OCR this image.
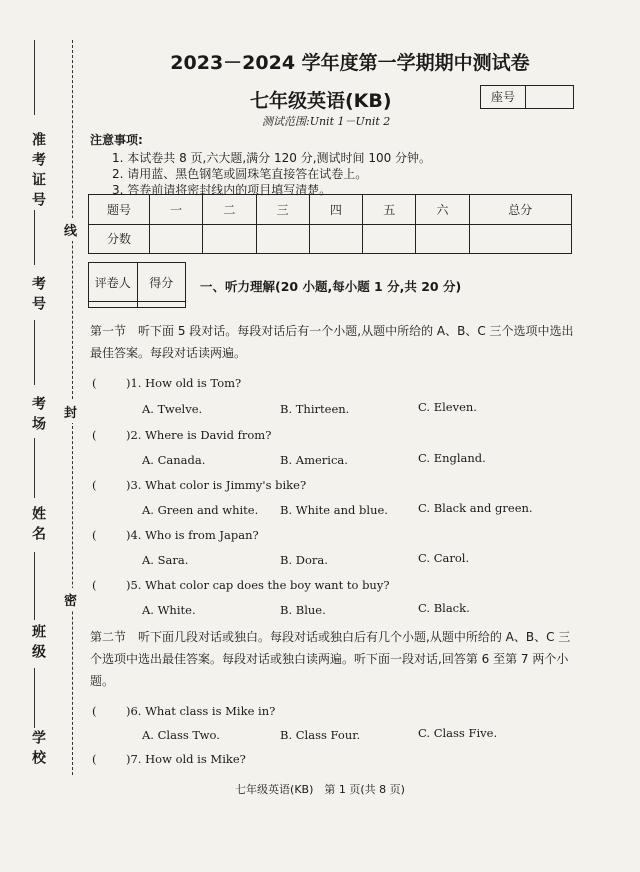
准考证号
考号
考场
姓名
班级
学校
线
封
密
2023－2024 学年度第一学期期中测试卷
七年级英语(KB)	座号
测试范围:Unit 1－Unit 2
注意事项:
1. 本试卷共 8 页,六大题,满分 120 分,测试时间 100 分钟。
2. 请用蓝、黑色钢笔或圆珠笔直接答在试卷上。
3. 答卷前请将密封线内的项目填写清楚。
题号	一	二	三	四	五	六	总分
分数							
评卷人	得分
	一、听力理解(20 小题,每小题 1 分,共 20 分)
第一节　听下面 5 段对话。每段对话后有一个小题,从题中所给的 A、B、C 三个选项中选出最佳答案。每段对话读两遍。
(	)1. How old is Tom?
A. Twelve.	B. Thirteen.	C. Eleven.
(	)2. Where is David from?
A. Canada.	B. America.	C. England.
(	)3. What color is Jimmy's bike?
A. Green and white. B. White and blue.	C. Black and green.
(	)4. Who is from Japan?
A. Sara.	B. Dora.	C. Carol.
(	)5. What color cap does the boy want to buy?
A. White.	B. Blue.	C. Black.
第二节　听下面几段对话或独白。每段对话或独白后有几个小题,从题中所给的 A、B、C 三个选项中选出最佳答案。每段对话或独白读两遍。听下面一段对话,回答第 6 至第 7 两个小题。
(	)6. What class is Mike in?
A. Class Two.	B. Class Four.	C. Class Five.
(	)7. How old is Mike?
七年级英语(KB)　第 1 页(共 8 页)
